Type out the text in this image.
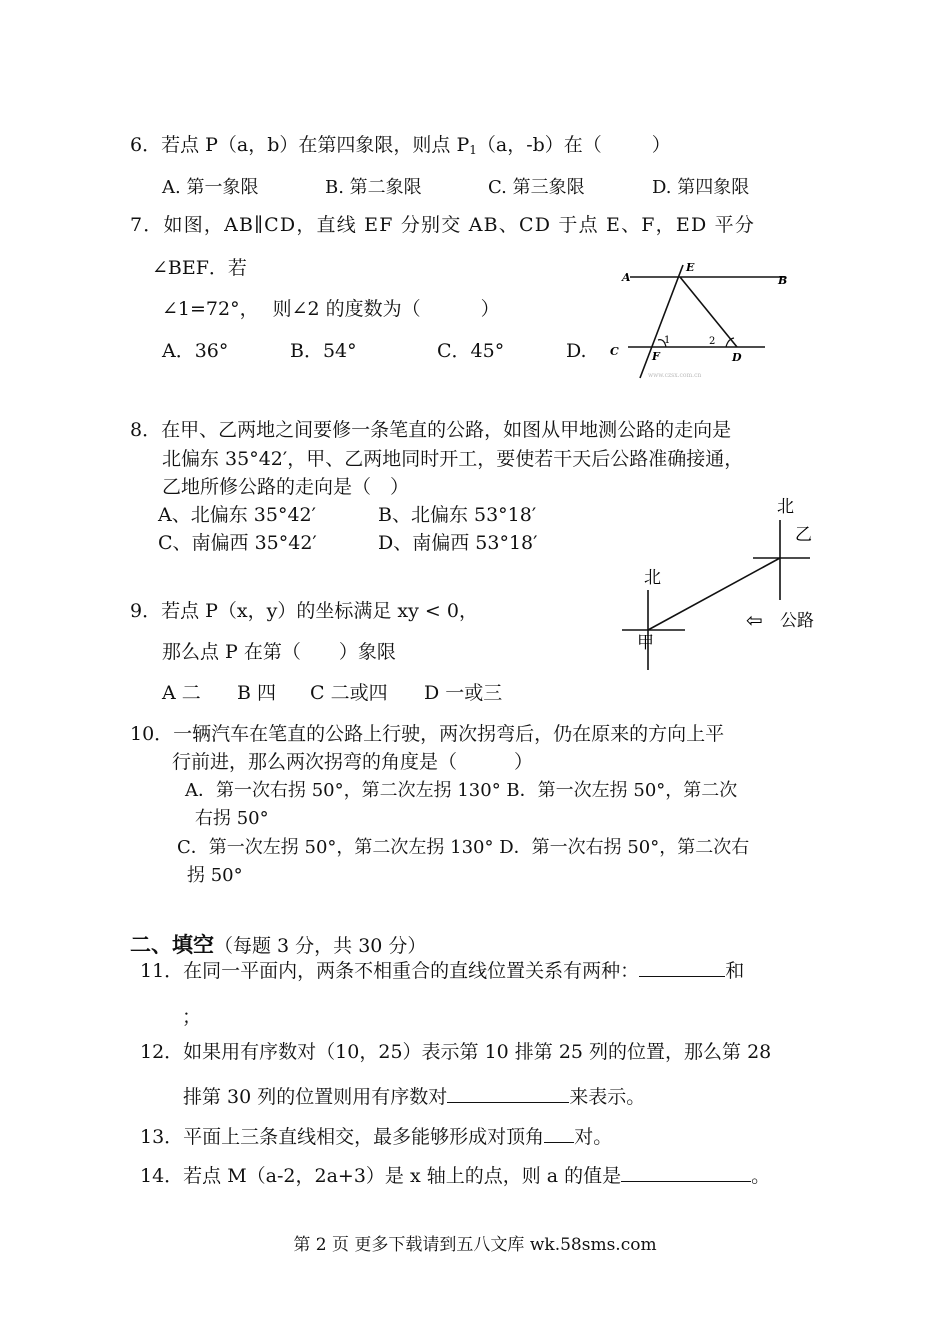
6．若点 P（a，b）在第四象限，则点 $P_1(a$，-b）在（	）
A. 第一象限	B. 第二象限	C. 第三象限	D. 第四象限
7．如图，AB∥CD，直线 EF 分别交 AB、CD 于点 E、F，ED 平分
∠BEF．若
∠1=72°， 则∠2 的度数为（	）
A．36°	B．54°	C．45°	D.
A	B
C	D
E
F
1	2
www.czsx.com.cn
8．在甲、乙两地之间要修一条笔直的公路，如图从甲地测公路的走向是
北偏东 35°42′，甲、乙两地同时开工，要使若干天后公路准确接通，
乙地所修公路的走向是（　）
A、北偏东 35°42′	B、北偏东 53°18′
C、南偏西 35°42′	D、南偏西 53°18′
北
乙
北
甲
⇦ 公路
9．若点 P（x，y）的坐标满足 xy < 0，
那么点 P 在第（　　）象限
A 二 B 四 C 二或四 D 一或三
10．一辆汽车在笔直的公路上行驶，两次拐弯后，仍在原来的方向上平
行前进，那么两次拐弯的角度是（　　　）
A．第一次右拐 50°，第二次左拐 130° B．第一次左拐 50°，第二次
右拐 50°
C．第一次左拐 50°，第二次左拐 130° D．第一次右拐 50°，第二次右
拐 50°
二、填空（每题 3 分，共 30 分）
11．在同一平面内，两条不相重合的直线位置关系有两种：	和
；
12．如果用有序数对（10，25）表示第 10 排第 25 列的位置，那么第 28
排第 30 列的位置则用有序数对	来表示。
13．平面上三条直线相交，最多能够形成对顶角 对。
14．若点 M（a-2，2a+3）是 x 轴上的点，则 a 的值是	。
第 2 页 更多下载请到五八文库 wk.58sms.com
